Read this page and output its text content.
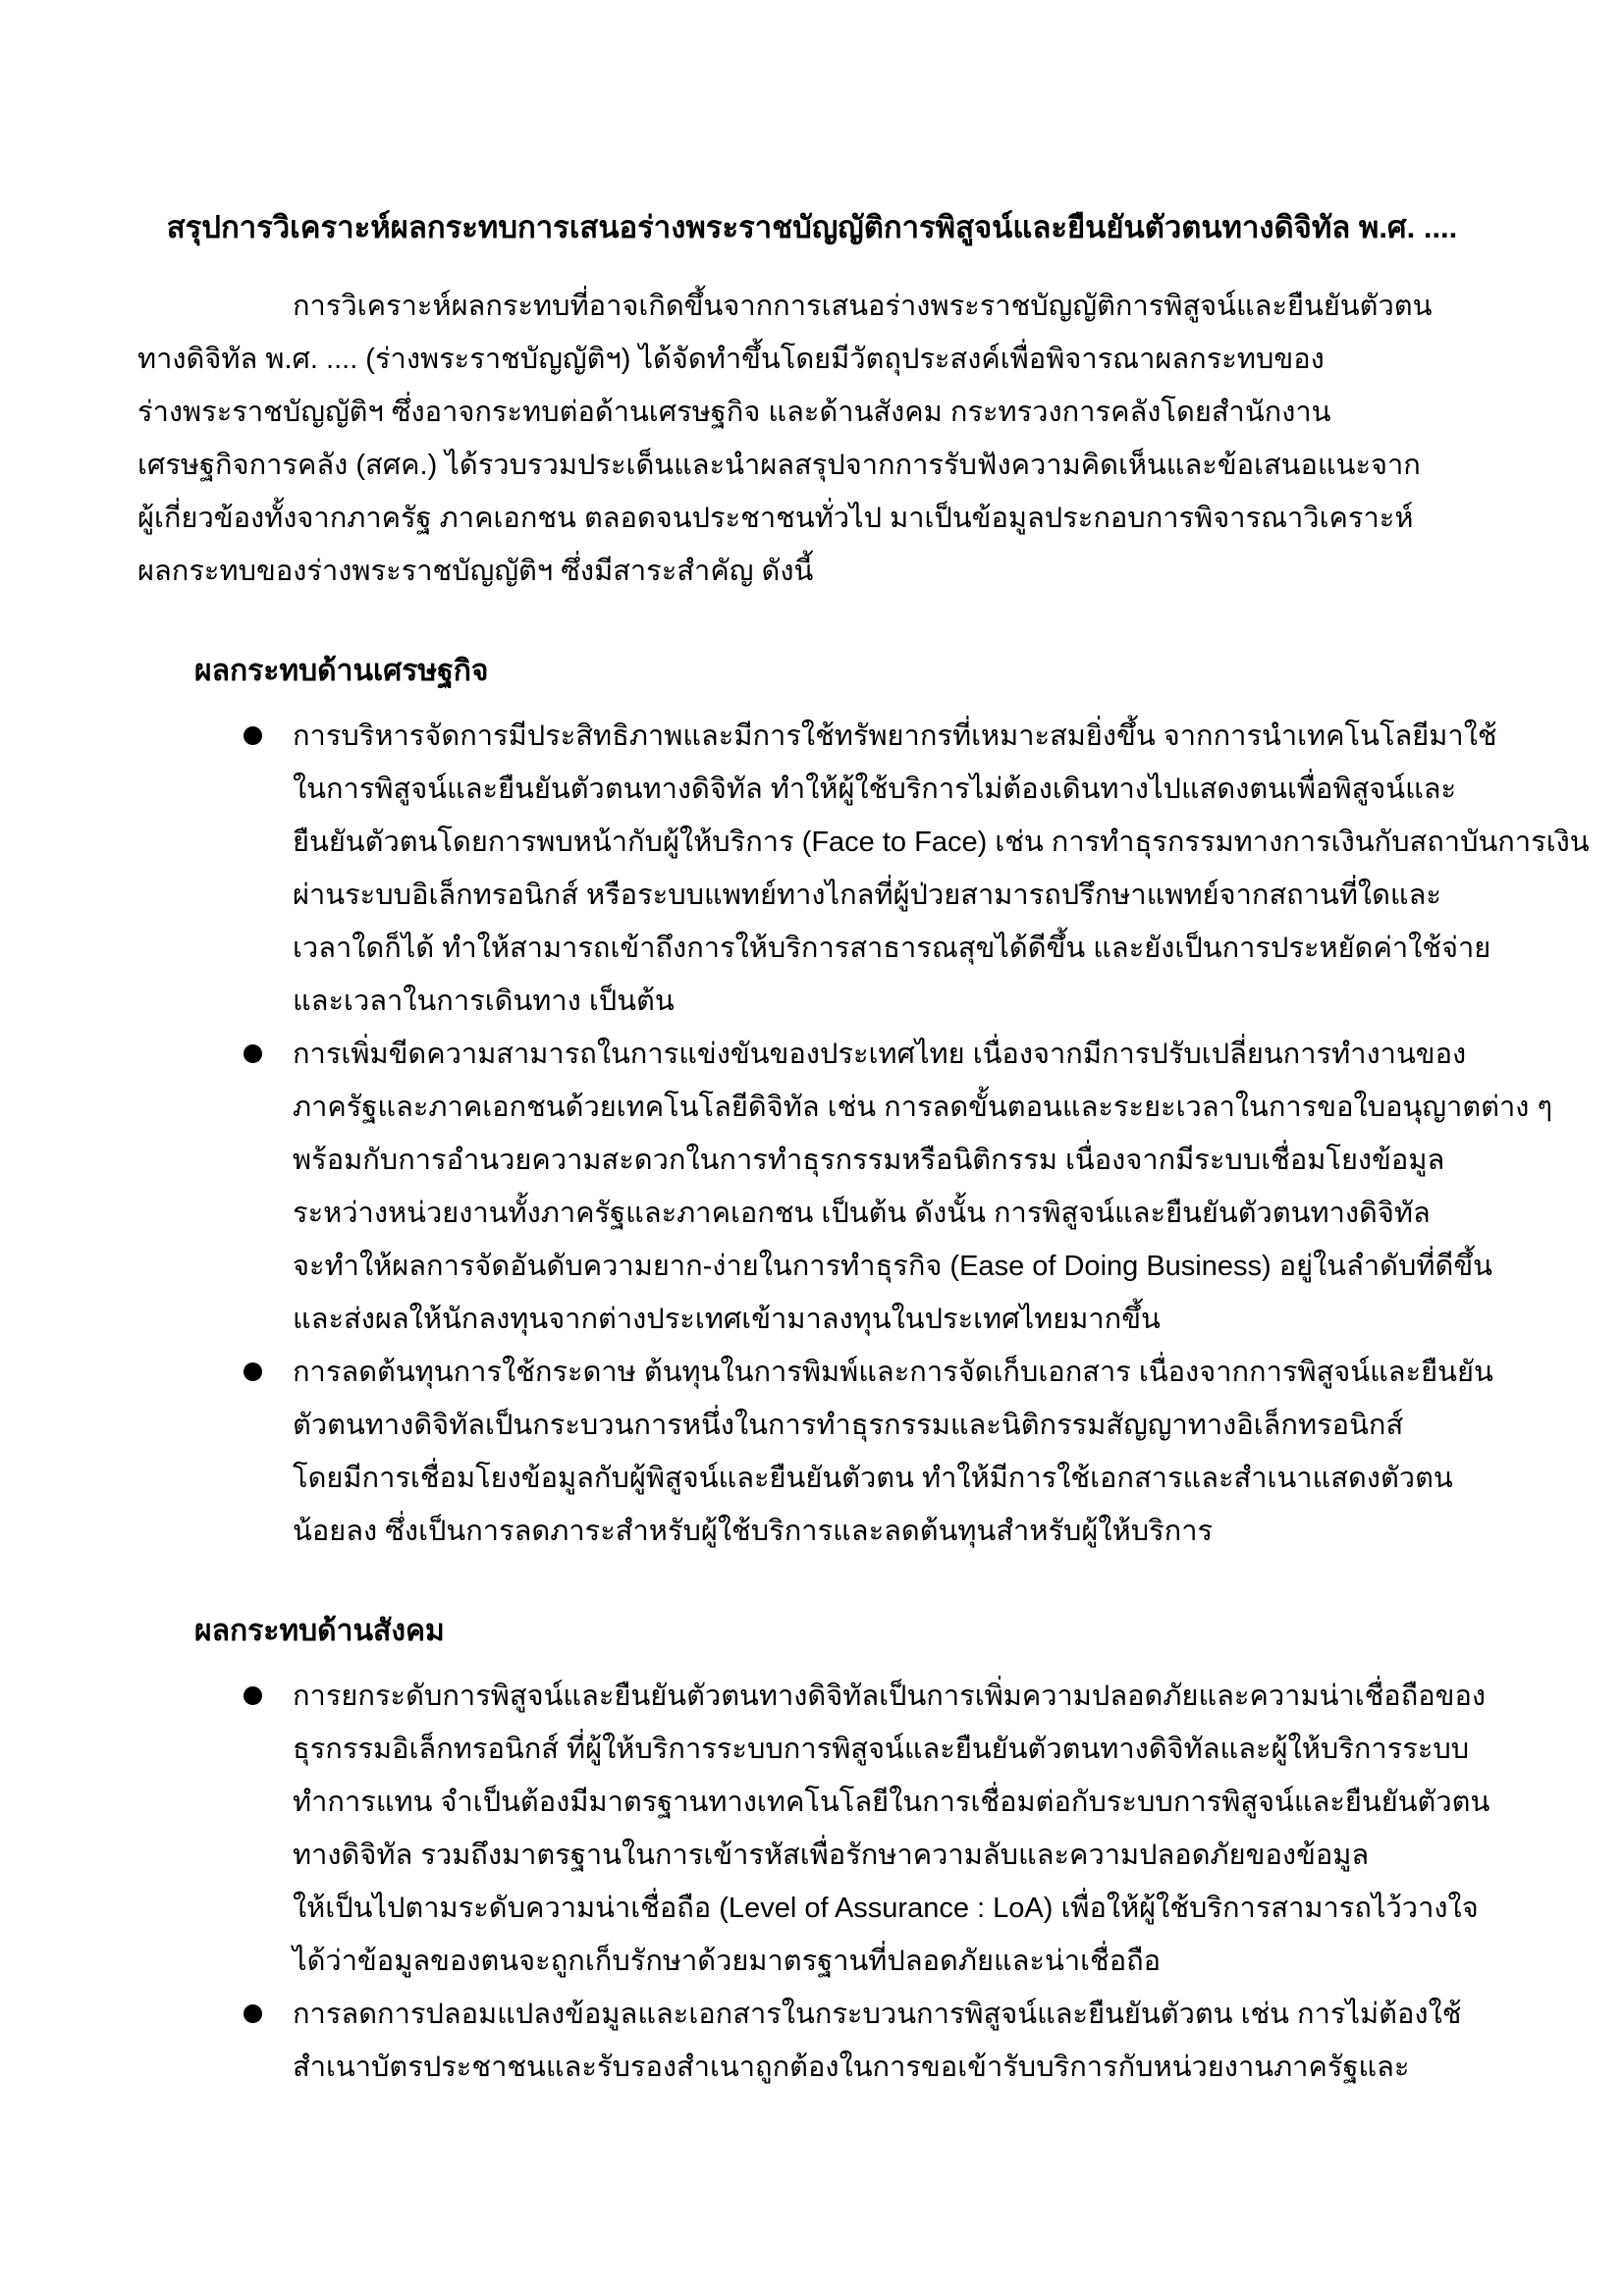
สรุปการวิเคราะห์ผลกระทบการเสนอร่างพระราชบัญญัติการพิสูจน์และยืนยันตัวตนทางดิจิทัล พ.ศ. ....
การวิเคราะห์ผลกระทบที่อาจเกิดขึ้นจากการเสนอร่างพระราชบัญญัติการพิสูจน์และยืนยันตัวตน
ทางดิจิทัล พ.ศ. .... (ร่างพระราชบัญญัติฯ) ได้จัดทำขึ้นโดยมีวัตถุประสงค์เพื่อพิจารณาผลกระทบของ
ร่างพระราชบัญญัติฯ ซึ่งอาจกระทบต่อด้านเศรษฐกิจ และด้านสังคม กระทรวงการคลังโดยสำนักงาน
เศรษฐกิจการคลัง (สศค.) ได้รวบรวมประเด็นและนำผลสรุปจากการรับฟังความคิดเห็นและข้อเสนอแนะจาก
ผู้เกี่ยวข้องทั้งจากภาครัฐ ภาคเอกชน ตลอดจนประชาชนทั่วไป มาเป็นข้อมูลประกอบการพิจารณาวิเคราะห์
ผลกระทบของร่างพระราชบัญญัติฯ ซึ่งมีสาระสำคัญ ดังนี้
ผลกระทบด้านเศรษฐกิจ
การบริหารจัดการมีประสิทธิภาพและมีการใช้ทรัพยากรที่เหมาะสมยิ่งขึ้น จากการนำเทคโนโลยีมาใช้
ในการพิสูจน์และยืนยันตัวตนทางดิจิทัล ทำให้ผู้ใช้บริการไม่ต้องเดินทางไปแสดงตนเพื่อพิสูจน์และ
ยืนยันตัวตนโดยการพบหน้ากับผู้ให้บริการ (Face to Face) เช่น การทำธุรกรรมทางการเงินกับสถาบันการเงิน
ผ่านระบบอิเล็กทรอนิกส์ หรือระบบแพทย์ทางไกลที่ผู้ป่วยสามารถปรึกษาแพทย์จากสถานที่ใดและ
เวลาใดก็ได้ ทำให้สามารถเข้าถึงการให้บริการสาธารณสุขได้ดีขึ้น และยังเป็นการประหยัดค่าใช้จ่าย
และเวลาในการเดินทาง เป็นต้น
การเพิ่มขีดความสามารถในการแข่งขันของประเทศไทย เนื่องจากมีการปรับเปลี่ยนการทำงานของ
ภาครัฐและภาคเอกชนด้วยเทคโนโลยีดิจิทัล เช่น การลดขั้นตอนและระยะเวลาในการขอใบอนุญาตต่าง ๆ
พร้อมกับการอำนวยความสะดวกในการทำธุรกรรมหรือนิติกรรม เนื่องจากมีระบบเชื่อมโยงข้อมูล
ระหว่างหน่วยงานทั้งภาครัฐและภาคเอกชน เป็นต้น ดังนั้น การพิสูจน์และยืนยันตัวตนทางดิจิทัล
จะทำให้ผลการจัดอันดับความยาก-ง่ายในการทำธุรกิจ (Ease of Doing Business) อยู่ในลำดับที่ดีขึ้น
และส่งผลให้นักลงทุนจากต่างประเทศเข้ามาลงทุนในประเทศไทยมากขึ้น
การลดต้นทุนการใช้กระดาษ ต้นทุนในการพิมพ์และการจัดเก็บเอกสาร เนื่องจากการพิสูจน์และยืนยัน
ตัวตนทางดิจิทัลเป็นกระบวนการหนึ่งในการทำธุรกรรมและนิติกรรมสัญญาทางอิเล็กทรอนิกส์
โดยมีการเชื่อมโยงข้อมูลกับผู้พิสูจน์และยืนยันตัวตน ทำให้มีการใช้เอกสารและสำเนาแสดงตัวตน
น้อยลง ซึ่งเป็นการลดภาระสำหรับผู้ใช้บริการและลดต้นทุนสำหรับผู้ให้บริการ
ผลกระทบด้านสังคม
การยกระดับการพิสูจน์และยืนยันตัวตนทางดิจิทัลเป็นการเพิ่มความปลอดภัยและความน่าเชื่อถือของ
ธุรกรรมอิเล็กทรอนิกส์ ที่ผู้ให้บริการระบบการพิสูจน์และยืนยันตัวตนทางดิจิทัลและผู้ให้บริการระบบ
ทำการแทน จำเป็นต้องมีมาตรฐานทางเทคโนโลยีในการเชื่อมต่อกับระบบการพิสูจน์และยืนยันตัวตน
ทางดิจิทัล รวมถึงมาตรฐานในการเข้ารหัสเพื่อรักษาความลับและความปลอดภัยของข้อมูล
ให้เป็นไปตามระดับความน่าเชื่อถือ (Level of Assurance : LoA) เพื่อให้ผู้ใช้บริการสามารถไว้วางใจ
ได้ว่าข้อมูลของตนจะถูกเก็บรักษาด้วยมาตรฐานที่ปลอดภัยและน่าเชื่อถือ
การลดการปลอมแปลงข้อมูลและเอกสารในกระบวนการพิสูจน์และยืนยันตัวตน เช่น การไม่ต้องใช้
สำเนาบัตรประชาชนและรับรองสำเนาถูกต้องในการขอเข้ารับบริการกับหน่วยงานภาครัฐและ
